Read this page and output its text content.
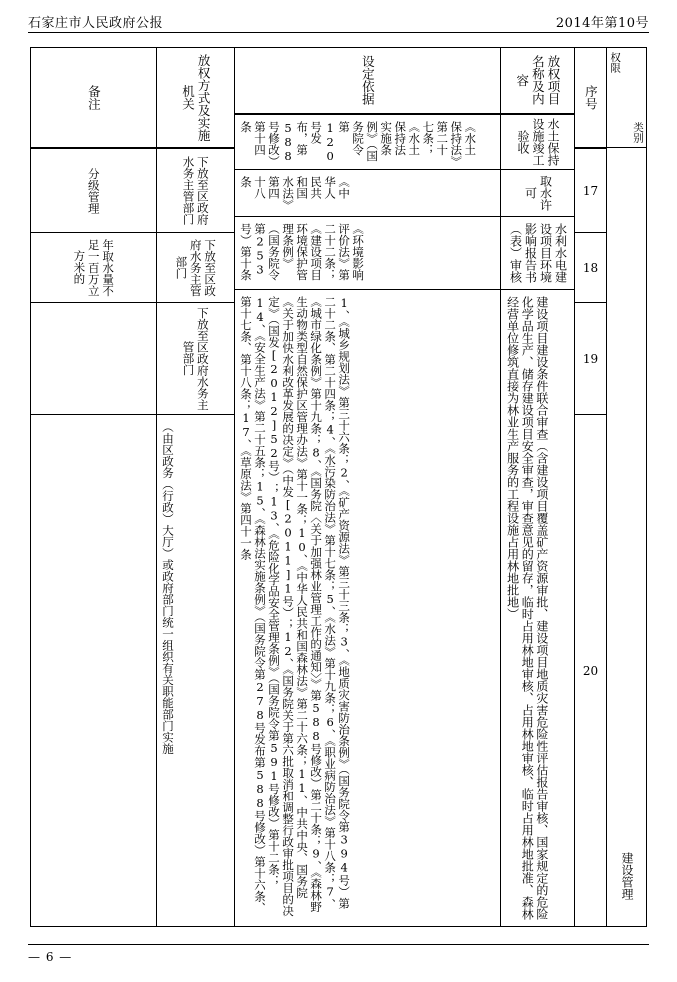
石家庄市人民政府公报	2014年第10号
权限
类别
建设管理
序号
17
18
19
20
放权项目名称及内容
水土保持设施竣工验收
取水许可
水利水电建设项目环境影响报告书（表）审核
建设项目建设条件联合审查（含建设项目覆盖矿产资源审批、建设项目地质灾害危险性评估报告审核、国家规定的危险化学品生产、储存建设项目安全审查，审查意见的留存，临时占用林地审核、占用林地审核、临时占用林地批准、森林经营单位修筑直接为林业生产服务的工程设施占用林地批地）
设定依据
《水土保持法》第二十七条；《水土保持法实施条例》（国务院令第120号发布，第588号修改）第十四条
《中华人民共和国水法》第四十八条
《环境影响评价法》第二十二条；《建设项目环境保护管理条例》（国务院令第253号）第十条
1、《城乡规划法》第三十六条；2、《矿产资源法》第三十三条；3、《地质灾害防治条例》（国务院令第394号）第二十二条、第二十四条；4、《水污染防治法》第十七条；5、《水法》第十九条；6、《职业病防治法》第十八条；7、《城市绿化条例》第十九条；8、《国务院〈关于加强林业管理工作的通知〉》第588号修改）第二十条；9、《森林野生动物类型自然保护区管理办法》第十一条；10、《中华人民共和国森林法》第二十六条；11、中共中央、国务院《关于加快水利改革发展的决定》（中发[2011]1号）；12、《国务院关于第六批取消和调整行政审批项目的决定》（国发[2012]52号）；13、《危险化学品安全管理条例》（国务院令第591号修改）第十二条；14、《安全生产法》第二十五条；15、《森林法实施条例》（国务院令第278号发布第588号修改）第十六条、第十七条、第十八条；17、《草原法》第四十一条
放权方式及实施机关
下放至区政府水务主管部门
下放至区政府水务主管部门
下放至区政府水务主管部门
（由区政务（行政）大厅）或政府部门统一组织有关职能部门实施
备注
分级管理
年取水量不足一百万立方米的
— 6 —
